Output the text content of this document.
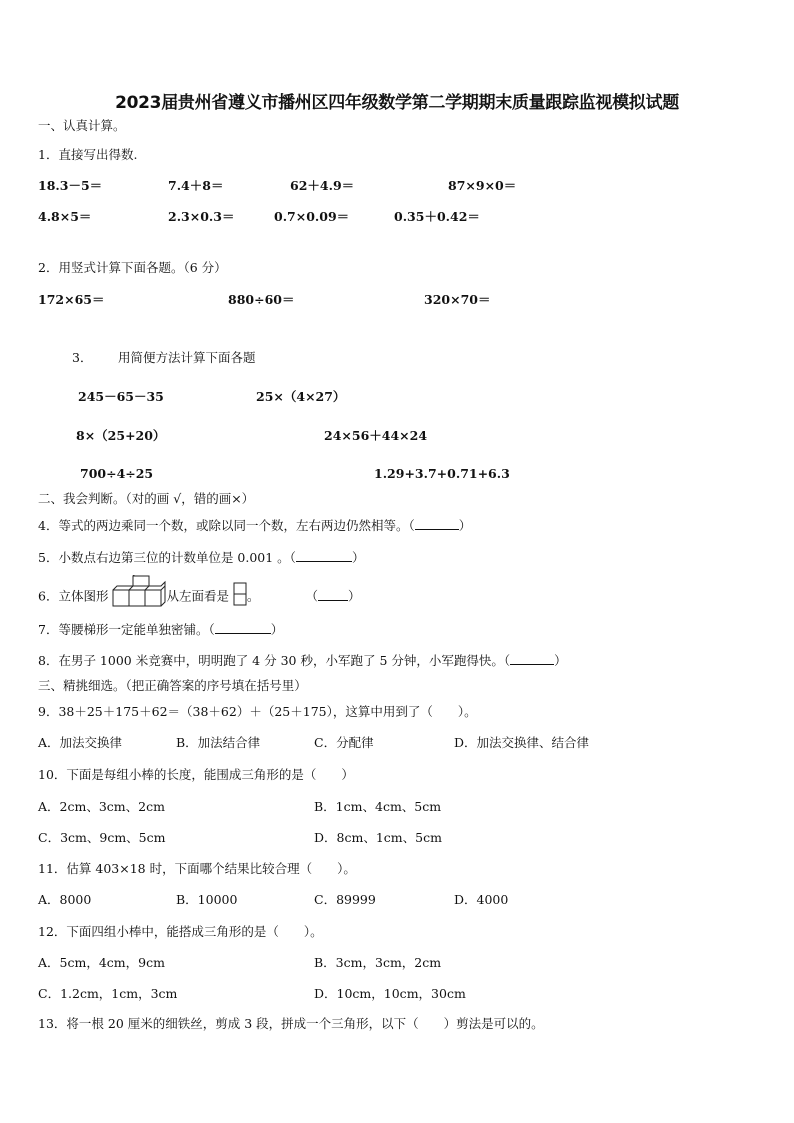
2023届贵州省遵义市播州区四年级数学第二学期期末质量跟踪监视模拟试题
一、认真计算。
1．直接写出得数.
18.3－5＝	7.4＋8＝	62＋4.9＝	87×9×0＝
4.8×5＝	2.3×0.3＝	0.7×0.09＝	0.35＋0.42＝
2．用竖式计算下面各题。（6 分）
172×65＝	880÷60＝	320×70＝
3． 用简便方法计算下面各题
245－65－35	25×（4×27）
8×（25+20）	24×56＋44×24
700÷4÷25	1.29+3.7+0.71+6.3
二、我会判断。（对的画 √，错的画×）
4．等式的两边乘同一个数，或除以同一个数，左右两边仍然相等。（	）
5．小数点右边第三位的计数单位是 0.001 。（	）
6．立体图形	从左面看是 。	（ ）
7．等腰梯形一定能单独密铺。（	）
8．在男子 1000 米竞赛中，明明跑了 4 分 30 秒，小军跑了 5 分钟，小军跑得快。（	）
三、精挑细选。（把正确答案的序号填在括号里）
9．38＋25＋175＋62＝（38＋62）＋（25＋175），这算中用到了（　　）。
A．加法交换律	B．加法结合律	C．分配律	D．加法交换律、结合律
10．下面是每组小棒的长度，能围成三角形的是（　　）
A．2cm、3cm、2cm	B．1cm、4cm、5cm
C．3cm、9cm、5cm	D．8cm、1cm、5cm
11．估算 403×18 时，下面哪个结果比较合理（　　）。
A．8000	B．10000	C．89999	D．4000
12．下面四组小棒中，能搭成三角形的是（　　）。
A．5cm，4cm，9cm	B．3cm，3cm，2cm
C．1.2cm，1cm，3cm	D．10cm，10cm，30cm
13．将一根 20 厘米的细铁丝，剪成 3 段，拼成一个三角形，以下（　　）剪法是可以的。
